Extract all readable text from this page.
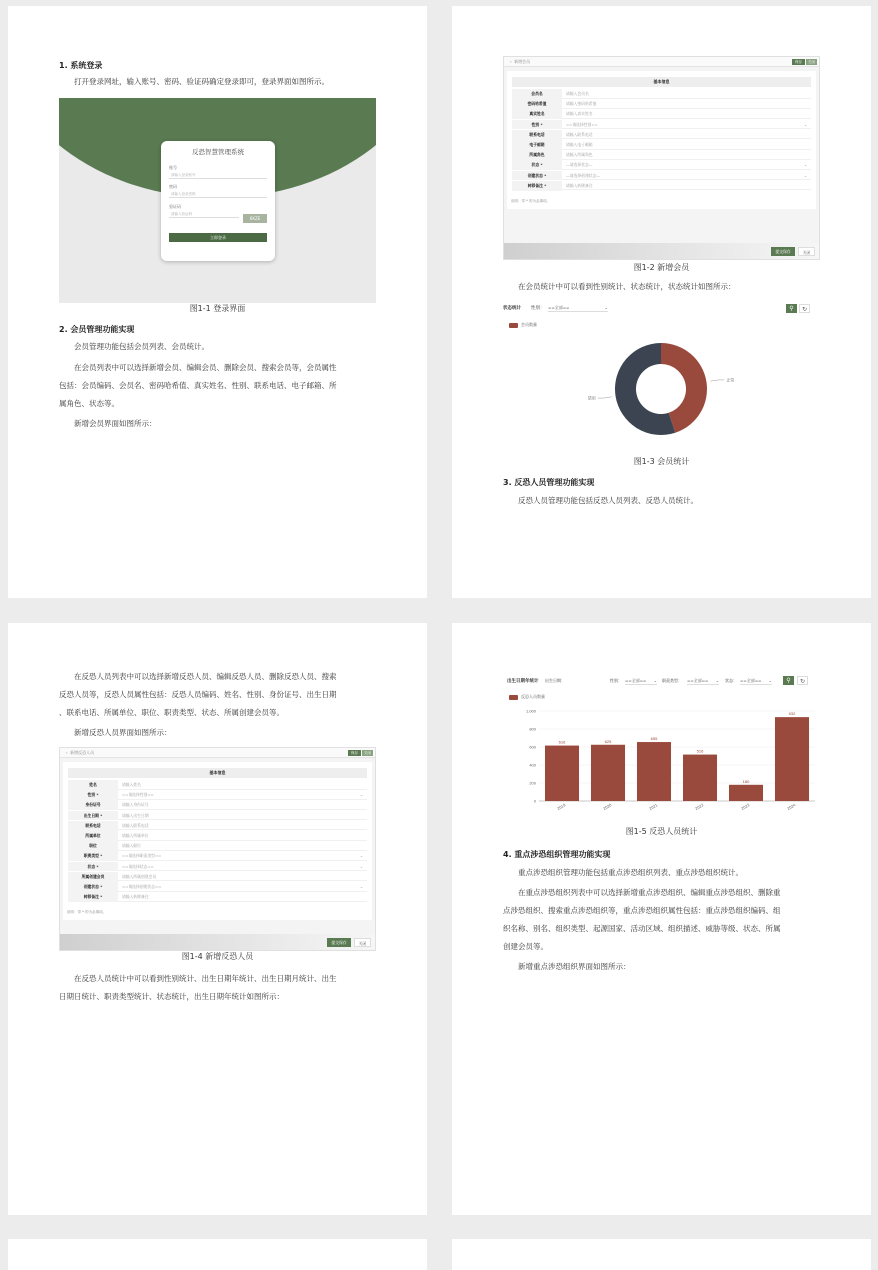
1. 系统登录
打开登录网址，输入账号、密码、验证码确定登录即可，登录界面如图所示。
反恐智慧管理系统
账号
请输入登录账号
密码
请输入登录密码
验证码
请输入验证码
6KZE
立即登录
图1-1 登录界面
2. 会员管理功能实现
会员管理功能包括会员列表、会员统计。
在会员列表中可以选择新增会员、编辑会员、删除会员、搜索会员等，会员属性
包括：会员编码、会员名、密码哈希值、真实姓名、性别、联系电话、电子邮箱、所
属角色、状态等。
新增会员界面如图所示：
‹  新增会员	保存	关闭
基本信息
会员名	请输入会员名
密码哈希值	请输入密码哈希值
真实姓名	请输入真实姓名
性别 *	==请选择性别==	⌄
联系电话	请输入联系电话
电子邮箱	请输入电子邮箱
所属角色	请输入所属角色
状态 *	—请选择状态—	⌄
创建状态 *	—请选择创建状态—	⌄
转移备注 *	请输入转移备注
说明：带 * 的为必填项。
提交保存	关闭
图1-2 新增会员
在会员统计中可以看到性别统计、状态统计，状态统计如图所示：
状态统计 性别： ==全部==	⌄	⚲	↻
会员数量
正常
禁用
图1-3 会员统计
3. 反恐人员管理功能实现
反恐人员管理功能包括反恐人员列表、反恐人员统计。
在反恐人员列表中可以选择新增反恐人员、编辑反恐人员、删除反恐人员、搜索
反恐人员等，反恐人员属性包括：反恐人员编码、姓名、性别、身份证号、出生日期
、联系电话、所属单位、职位、职责类型、状态、所属创建会员等。
新增反恐人员界面如图所示：
‹  新增反恐人员	保存	关闭
基本信息
姓名	请输入姓名
性别 *	==请选择性别==	⌄
身份证号	请输入身份证号
出生日期 *	请输入出生日期
联系电话	请输入联系电话
所属单位	请输入所属单位
职位	请输入职位
职责类型 *	==请选择职责类型==	⌄
状态 *	==请选择状态==	⌄
所属创建会员	请输入所属创建会员
创建状态 *	==请选择创建状态==	⌄
转移备注 *	请输入转移备注
说明：带 * 的为必填项。
提交保存	关闭
图1-4 新增反恐人员
在反恐人员统计中可以看到性别统计、出生日期年统计、出生日期月统计、出生
日期日统计、职责类型统计、状态统计，出生日期年统计如图所示：
出生日期年统计 出生日期：	性别： ==全部== ⌄ 职责类型： ==全部== ⌄ 状态： ==全部== ⌄	⚲	↻
反恐人员数量
0
200
400
600
800
1,000
616
2019
625
2020
655
2021
516
2022
180
2023
932
2024
图1-5 反恐人员统计
4. 重点涉恐组织管理功能实现
重点涉恐组织管理功能包括重点涉恐组织列表、重点涉恐组织统计。
在重点涉恐组织列表中可以选择新增重点涉恐组织、编辑重点涉恐组织、删除重
点涉恐组织、搜索重点涉恐组织等，重点涉恐组织属性包括：重点涉恐组织编码、组
织名称、别名、组织类型、起源国家、活动区域、组织描述、威胁等级、状态、所属
创建会员等。
新增重点涉恐组织界面如图所示：
